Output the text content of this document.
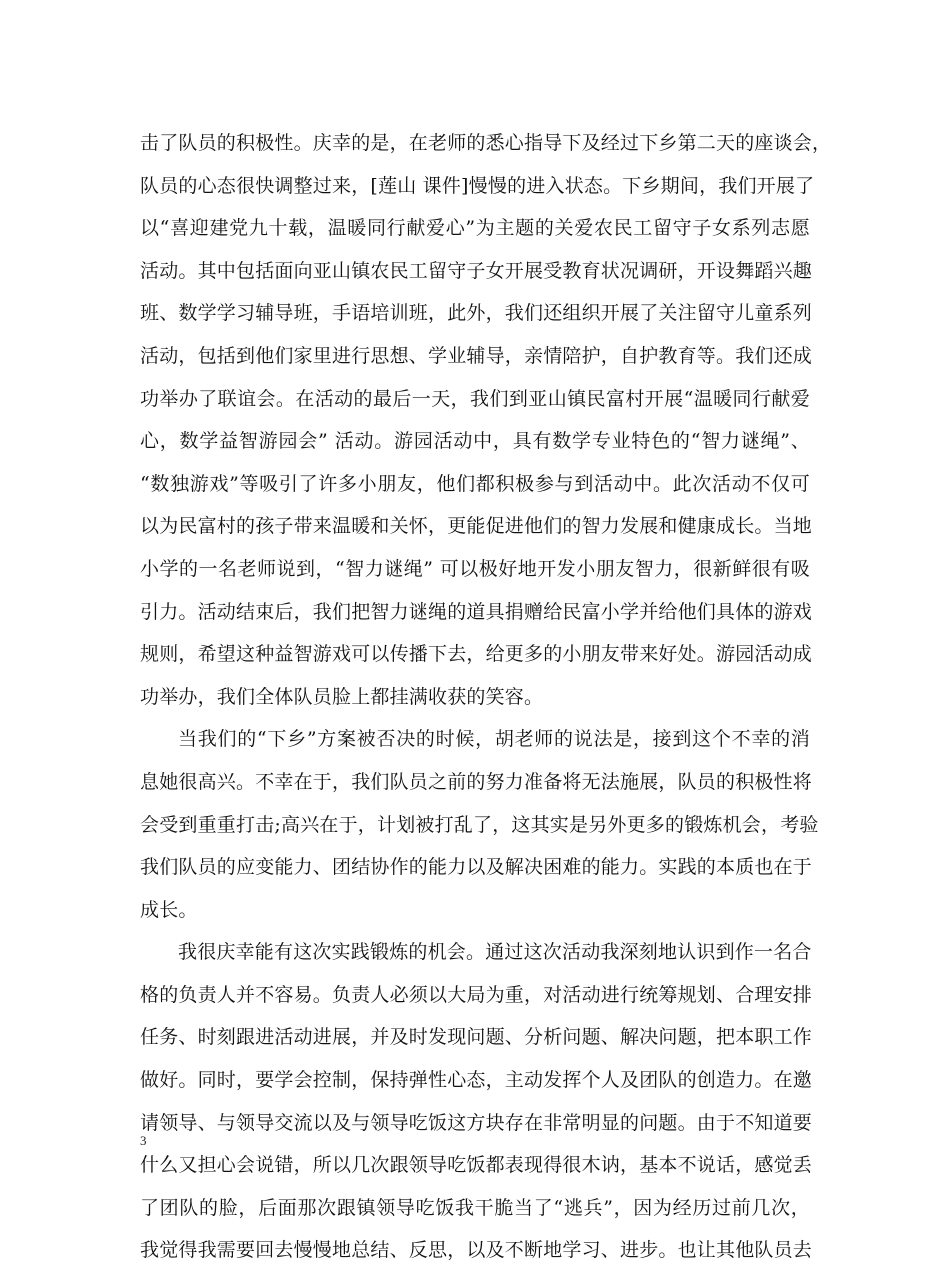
击了队员的积极性。庆幸的是，在老师的悉心指导下及经过下乡第二天的座谈会，
队员的心态很快调整过来，[莲山 课件]慢慢的进入状态。下乡期间，我们开展了
以“喜迎建党九十载，温暖同行献爱心”为主题的关爱农民工留守子女系列志愿
活动。其中包括面向亚山镇农民工留守子女开展受教育状况调研，开设舞蹈兴趣
班、数学学习辅导班，手语培训班，此外，我们还组织开展了关注留守儿童系列
活动，包括到他们家里进行思想、学业辅导，亲情陪护，自护教育等。我们还成
功举办了联谊会。在活动的最后一天，我们到亚山镇民富村开展“温暖同行献爱
心，数学益智游园会” 活动。游园活动中，具有数学专业特色的“智力谜绳”、
“数独游戏”等吸引了许多小朋友，他们都积极参与到活动中。此次活动不仅可
以为民富村的孩子带来温暖和关怀，更能促进他们的智力发展和健康成长。当地
小学的一名老师说到，“智力谜绳” 可以极好地开发小朋友智力，很新鲜很有吸
引力。活动结束后，我们把智力谜绳的道具捐赠给民富小学并给他们具体的游戏
规则，希望这种益智游戏可以传播下去，给更多的小朋友带来好处。游园活动成
功举办，我们全体队员脸上都挂满收获的笑容。
当我们的“下乡”方案被否决的时候，胡老师的说法是，接到这个不幸的消
息她很高兴。不幸在于，我们队员之前的努力准备将无法施展，队员的积极性将
会受到重重打击;高兴在于，计划被打乱了，这其实是另外更多的锻炼机会，考验
我们队员的应变能力、团结协作的能力以及解决困难的能力。实践的本质也在于
成长。
我很庆幸能有这次实践锻炼的机会。通过这次活动我深刻地认识到作一名合
格的负责人并不容易。负责人必须以大局为重，对活动进行统筹规划、合理安排
任务、时刻跟进活动进展，并及时发现问题、分析问题、解决问题，把本职工作
做好。同时，要学会控制，保持弹性心态，主动发挥个人及团队的创造力。在邀
请领导、与领导交流以及与领导吃饭这方块存在非常明显的问题。由于不知道要
什么又担心会说错，所以几次跟领导吃饭都表现得很木讷，基本不说话，感觉丢
了团队的脸，后面那次跟镇领导吃饭我干脆当了“逃兵”，因为经历过前几次，
我觉得我需要回去慢慢地总结、反思，以及不断地学习、进步。也让其他队员去
3
